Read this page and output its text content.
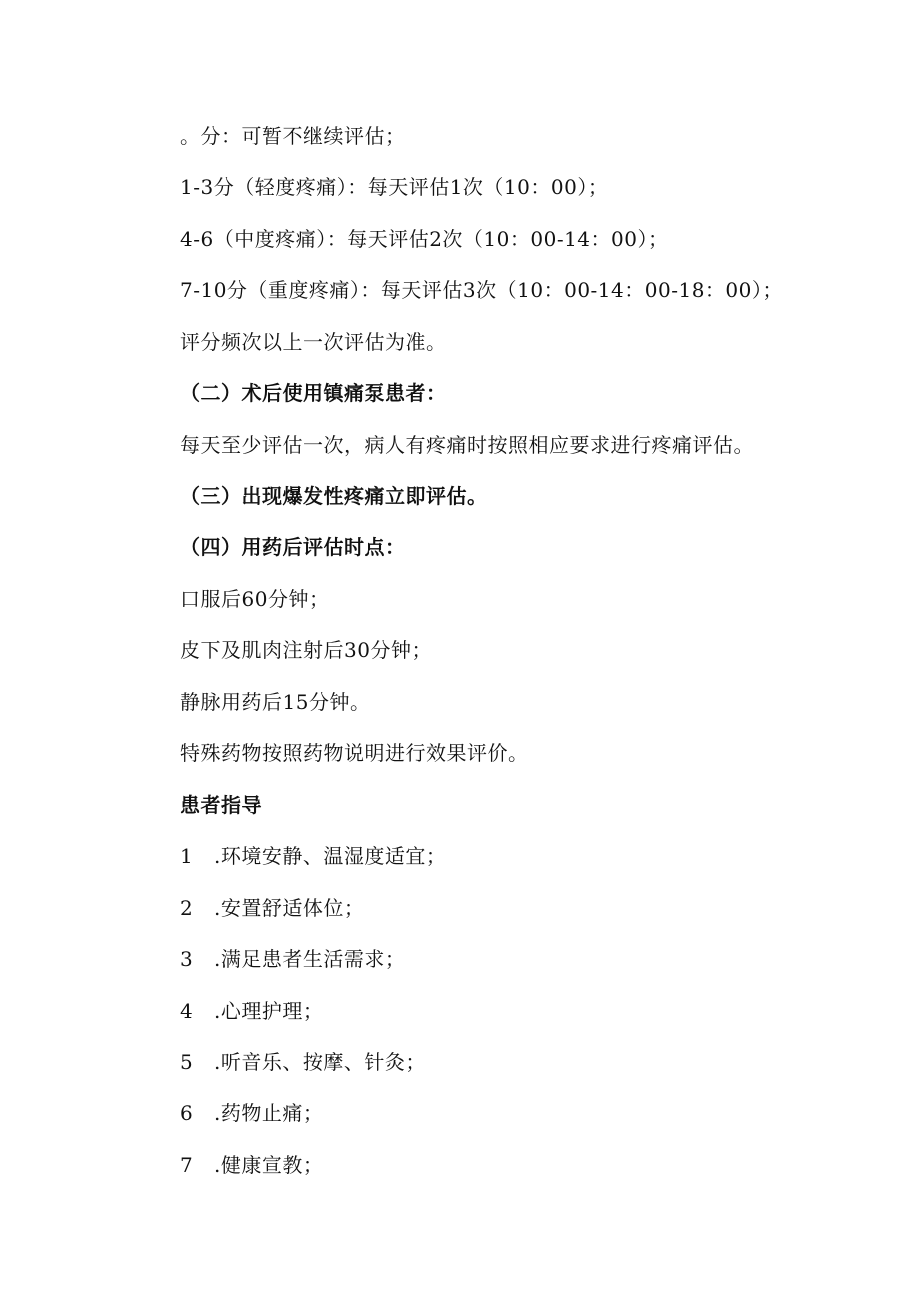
。分：可暂不继续评估；
1-3分（轻度疼痛）：每天评估1次（10：00）；
4-6（中度疼痛）：每天评估2次（10：00-14：00）；
7-10分（重度疼痛）：每天评估3次（10：00-14：00-18：00）；
评分频次以上一次评估为准。
（二）术后使用镇痛泵患者：
每天至少评估一次，病人有疼痛时按照相应要求进行疼痛评估。
（三）出现爆发性疼痛立即评估。
（四）用药后评估时点：
口服后60分钟；
皮下及肌肉注射后30分钟；
静脉用药后15分钟。
特殊药物按照药物说明进行效果评价。
患者指导
1 .环境安静、温湿度适宜；
2 .安置舒适体位；
3 .满足患者生活需求；
4 .心理护理；
5 .听音乐、按摩、针灸；
6 .药物止痛；
7 .健康宣教；
